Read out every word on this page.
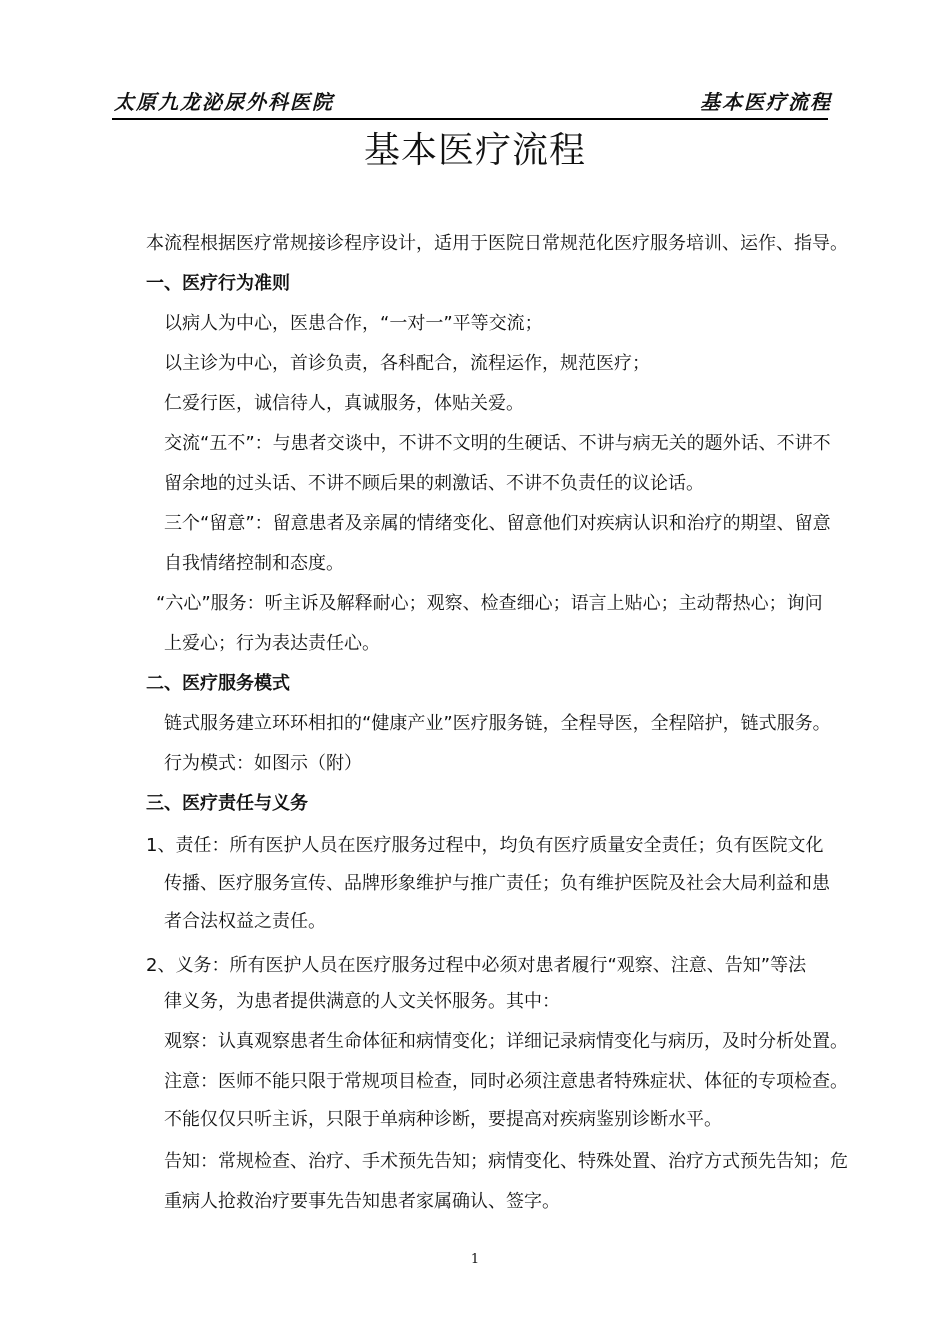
太原九龙泌尿外科医院	基本医疗流程
基本医疗流程
本流程根据医疗常规接诊程序设计，适用于医院日常规范化医疗服务培训、运作、指导。
一、医疗行为准则
以病人为中心，医患合作，“一对一”平等交流；
以主诊为中心，首诊负责，各科配合，流程运作，规范医疗；
仁爱行医，诚信待人，真诚服务，体贴关爱。
交流“五不”：与患者交谈中，不讲不文明的生硬话、不讲与病无关的题外话、不讲不
留余地的过头话、不讲不顾后果的刺激话、不讲不负责任的议论话。
三个“留意”：留意患者及亲属的情绪变化、留意他们对疾病认识和治疗的期望、留意
自我情绪控制和态度。
“六心”服务：听主诉及解释耐心；观察、检查细心；语言上贴心；主动帮热心；询问
上爱心；行为表达责任心。
二、医疗服务模式
链式服务建立环环相扣的“健康产业”医疗服务链，全程导医，全程陪护，链式服务。
行为模式：如图示（附）
三、医疗责任与义务
1、责任：所有医护人员在医疗服务过程中，均负有医疗质量安全责任；负有医院文化
传播、医疗服务宣传、品牌形象维护与推广责任；负有维护医院及社会大局利益和患
者合法权益之责任。
2、义务：所有医护人员在医疗服务过程中必须对患者履行“观察、注意、告知”等法
律义务，为患者提供满意的人文关怀服务。其中：
观察：认真观察患者生命体征和病情变化；详细记录病情变化与病历，及时分析处置。
注意：医师不能只限于常规项目检查，同时必须注意患者特殊症状、体征的专项检查。
不能仅仅只听主诉，只限于单病种诊断，要提高对疾病鉴别诊断水平。
告知：常规检查、治疗、手术预先告知；病情变化、特殊处置、治疗方式预先告知；危
重病人抢救治疗要事先告知患者家属确认、签字。
1
